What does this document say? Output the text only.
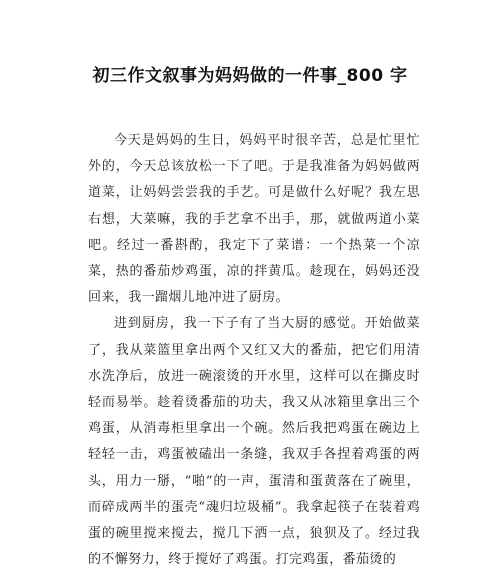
初三作文叙事为妈妈做的一件事_800 字

今天是妈妈的生日，妈妈平时很辛苦，总是忙里忙外的，今天总该放松一下了吧。于是我准备为妈妈做两道菜，让妈妈尝尝我的手艺。可是做什么好呢？我左思右想，大菜嘛，我的手艺拿不出手，那，就做两道小菜吧。经过一番斟酌，我定下了菜谱：一个热菜一个凉菜，热的番茄炒鸡蛋，凉的拌黄瓜。趁现在，妈妈还没回来，我一蹓烟儿地冲进了厨房。

进到厨房，我一下子有了当大厨的感觉。开始做菜了，我从菜篮里拿出两个又红又大的番茄，把它们用清水洗净后，放进一碗滚烫的开水里，这样可以在撕皮时轻而易举。趁着烫番茄的功夫，我又从冰箱里拿出三个鸡蛋，从消毒柜里拿出一个碗。然后我把鸡蛋在碗边上轻轻一击，鸡蛋被磕出一条缝，我双手各捏着鸡蛋的两头，用力一掰，“啪”的一声，蛋清和蛋黄落在了碗里，而碎成两半的蛋壳“魂归垃圾桶”。我拿起筷子在装着鸡蛋的碗里搅来搅去，搅几下洒一点，狼狈及了。经过我的不懈努力，终于搅好了鸡蛋。打完鸡蛋，番茄烫的
